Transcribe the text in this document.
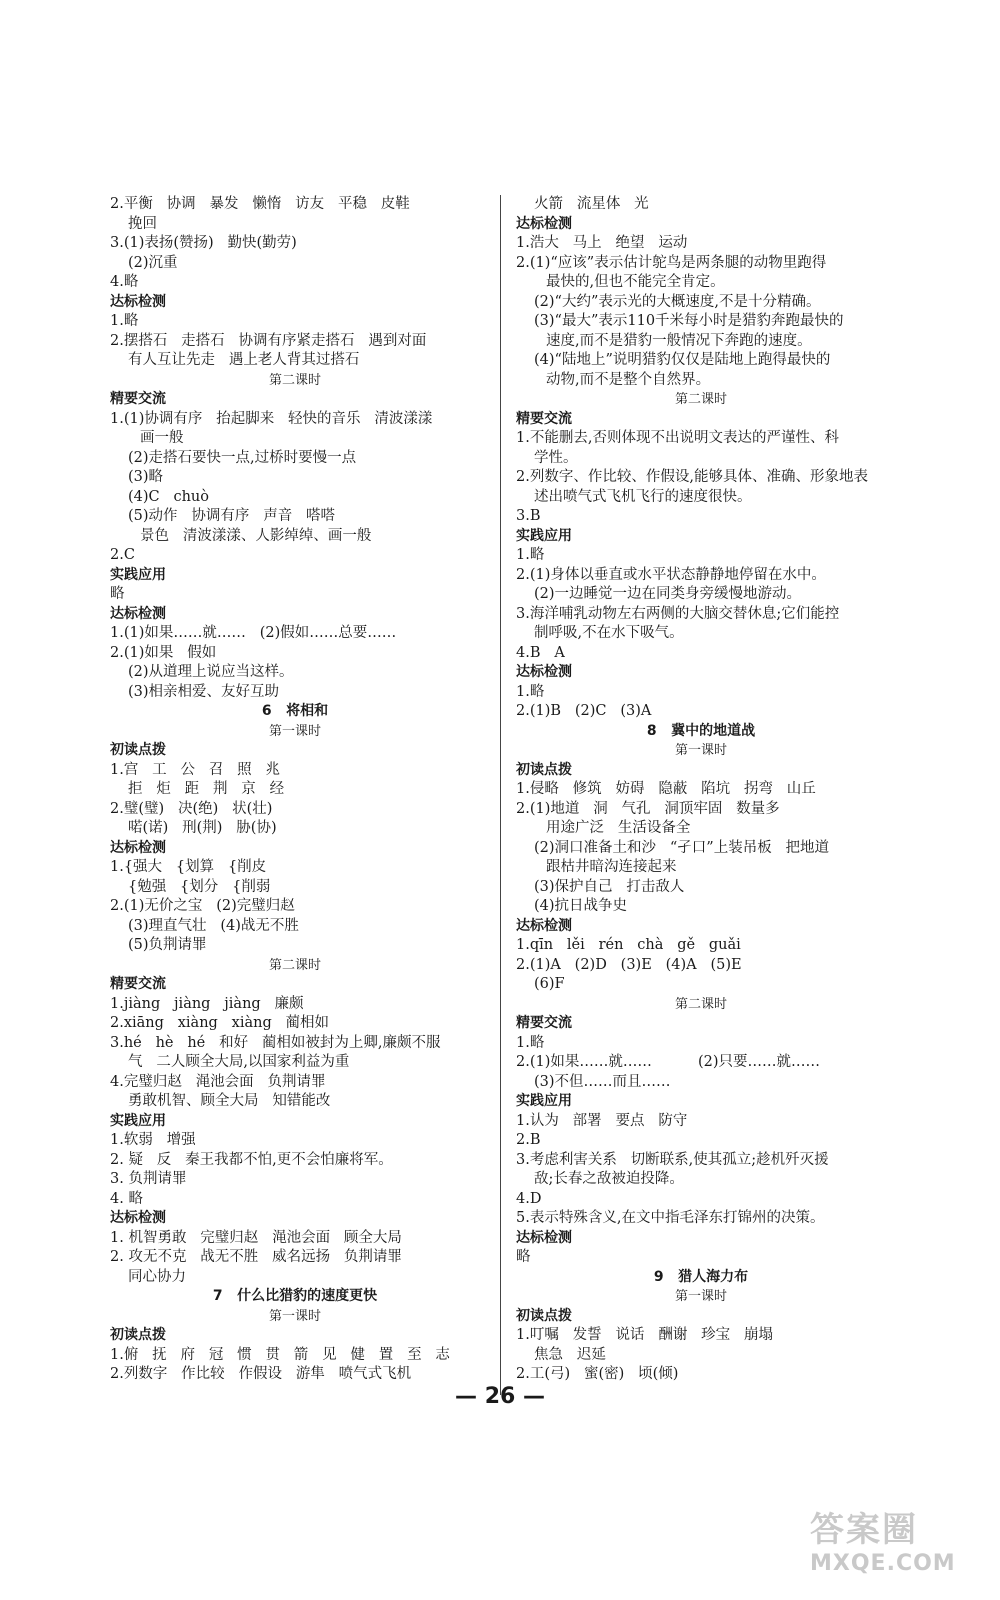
2.平衡   协调   暴发   懒惰   访友   平稳   皮鞋
挽回
3.(1)表扬(赞扬)   勤快(勤劳)
(2)沉重
4.略
达标检测
1.略
2.摆搭石   走搭石   协调有序紧走搭石   遇到对面
有人互让先走   遇上老人背其过搭石
第二课时
精要交流
1.(1)协调有序   抬起脚来   轻快的音乐   清波漾漾
画一般
(2)走搭石要快一点,过桥时要慢一点
(3)略
(4)C   chuò
(5)动作   协调有序   声音   嗒嗒
景色   清波漾漾、人影绰绰、画一般
2.C
实践应用
略
达标检测
1.(1)如果……就……   (2)假如……总要……
2.(1)如果   假如
(2)从道理上说应当这样。
(3)相亲相爱、友好互助
6   将相和
第一课时
初读点拨
1.宫   工   公   召   照   兆
拒   炬   距   荆   京   经
2.璧(璧)   决(绝)   状(壮)
喏(诺)   刑(荆)   胁(协)
达标检测
1.{强大   {划算   {削皮
{勉强   {划分   {削弱
2.(1)无价之宝   (2)完璧归赵
(3)理直气壮   (4)战无不胜
(5)负荆请罪
第二课时
精要交流
1.jiàng   jiàng   jiàng   廉颇
2.xiāng   xiàng   xiàng   蔺相如
3.hé   hè   hé   和好   蔺相如被封为上卿,廉颇不服
气   二人顾全大局,以国家利益为重
4.完璧归赵   渑池会面   负荆请罪
勇敢机智、顾全大局   知错能改
实践应用
1.软弱   增强
2. 疑   反   秦王我都不怕,更不会怕廉将军。
3. 负荆请罪
4. 略
达标检测
1. 机智勇敢   完璧归赵   渑池会面   顾全大局
2. 攻无不克   战无不胜   威名远扬   负荆请罪
同心协力
7   什么比猎豹的速度更快
第一课时
初读点拨
1.俯   抚   府   冠   惯   贯   箭   见   健   置   至   志
2.列数字   作比较   作假设   游隼   喷气式飞机
火箭   流星体   光
达标检测
1.浩大   马上   绝望   运动
2.(1)“应该”表示估计鸵鸟是两条腿的动物里跑得
最快的,但也不能完全肯定。
(2)“大约”表示光的大概速度,不是十分精确。
(3)“最大”表示110千米每小时是猎豹奔跑最快的
速度,而不是猎豹一般情况下奔跑的速度。
(4)“陆地上”说明猎豹仅仅是陆地上跑得最快的
动物,而不是整个自然界。
第二课时
精要交流
1.不能删去,否则体现不出说明文表达的严谨性、科
学性。
2.列数字、作比较、作假设,能够具体、准确、形象地表
述出喷气式飞机飞行的速度很快。
3.B
实践应用
1.略
2.(1)身体以垂直或水平状态静静地停留在水中。
(2)一边睡觉一边在同类身旁缓慢地游动。
3.海洋哺乳动物左右两侧的大脑交替休息;它们能控
制呼吸,不在水下吸气。
4.B   A
达标检测
1.略
2.(1)B   (2)C   (3)A
8   冀中的地道战
第一课时
初读点拨
1.侵略   修筑   妨碍   隐蔽   陷坑   拐弯   山丘
2.(1)地道   洞   气孔   洞顶牢固   数量多
用途广泛   生活设备全
(2)洞口准备土和沙   “孑口”上装吊板   把地道
跟枯井暗沟连接起来
(3)保护自己   打击敌人
(4)抗日战争史
达标检测
1.qīn   lěi   rén   chà   gě   guǎi
2.(1)A   (2)D   (3)E   (4)A   (5)E
(6)F
第二课时
精要交流
1.略
2.(1)如果……就……          (2)只要……就……
(3)不但……而且……
实践应用
1.认为   部署   要点   防守
2.B
3.考虑利害关系   切断联系,使其孤立;趁机歼灭援
敌;长春之敌被迫投降。
4.D
5.表示特殊含义,在文中指毛泽东打锦州的决策。
达标检测
略
9   猎人海力布
第一课时
初读点拨
1.叮嘱   发誓   说话   酬谢   珍宝   崩塌
焦急   迟延
2.工(弓)   蜜(密)   顷(倾)
— 26 —
答案圈
MXQE.COM
